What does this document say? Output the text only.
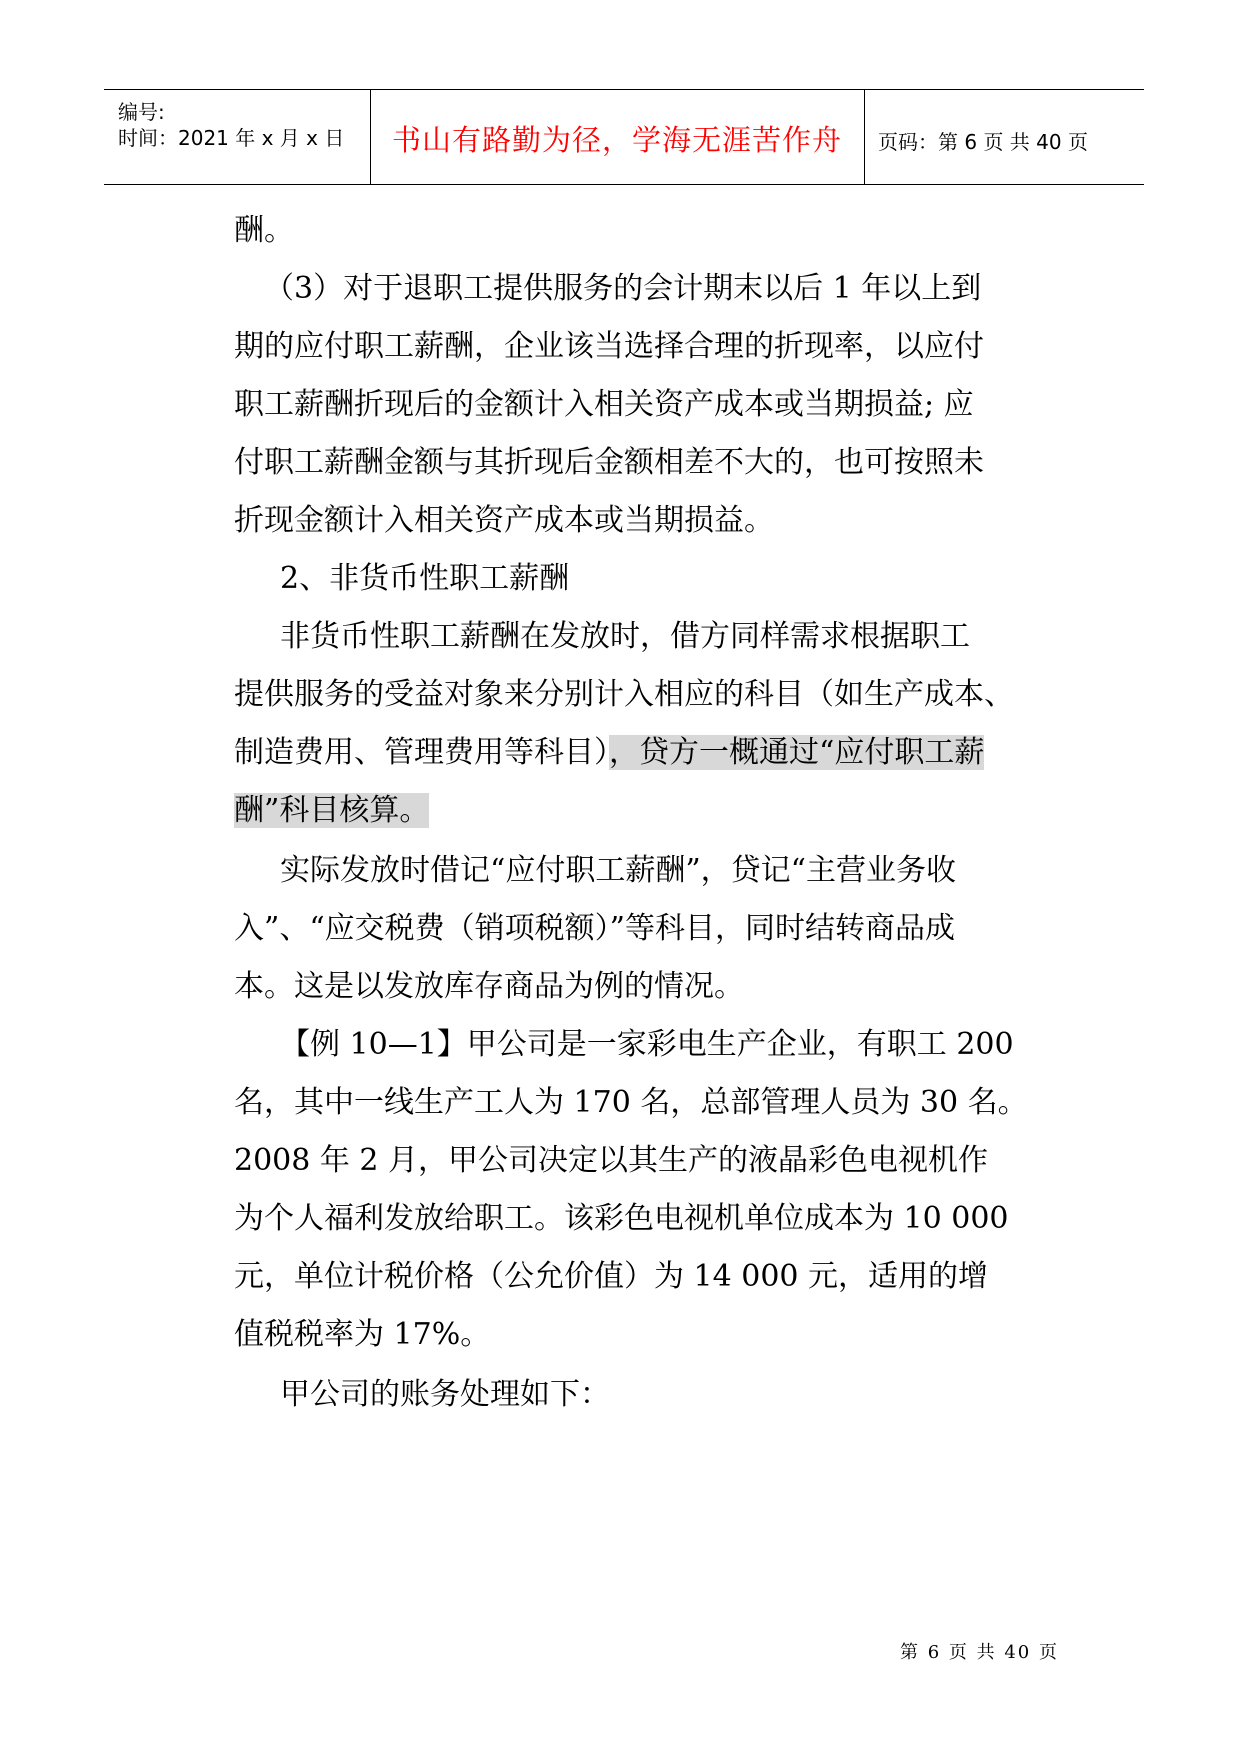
编号:
时间：2021 年 x 月 x 日	书山有路勤为径，学海无涯苦作舟	页码：第 6 页 共 40 页
酬。
（3）对于退职工提供服务的会计期末以后 1 年以上到
期的应付职工薪酬，企业该当选择合理的折现率，以应付
职工薪酬折现后的金额计入相关资产成本或当期损益; 应
付职工薪酬金额与其折现后金额相差不大的，也可按照未
折现金额计入相关资产成本或当期损益。
2、非货币性职工薪酬
非货币性职工薪酬在发放时，借方同样需求根据职工
提供服务的受益对象来分别计入相应的科目（如生产成本、
制造费用、管理费用等科目），贷方一概通过“应付职工薪
酬”科目核算。
实际发放时借记“应付职工薪酬”，贷记“主营业务收
入”、“应交税费（销项税额）”等科目，同时结转商品成
本。这是以发放库存商品为例的情况。
【例 10—1】甲公司是一家彩电生产企业，有职工 200
名，其中一线生产工人为 170 名，总部管理人员为 30 名。
2008 年 2 月，甲公司决定以其生产的液晶彩色电视机作
为个人福利发放给职工。该彩色电视机单位成本为 10 000
元，单位计税价格（公允价值）为 14 000 元，适用的增
值税税率为 17%。
甲公司的账务处理如下：
第 6 页 共 40 页
